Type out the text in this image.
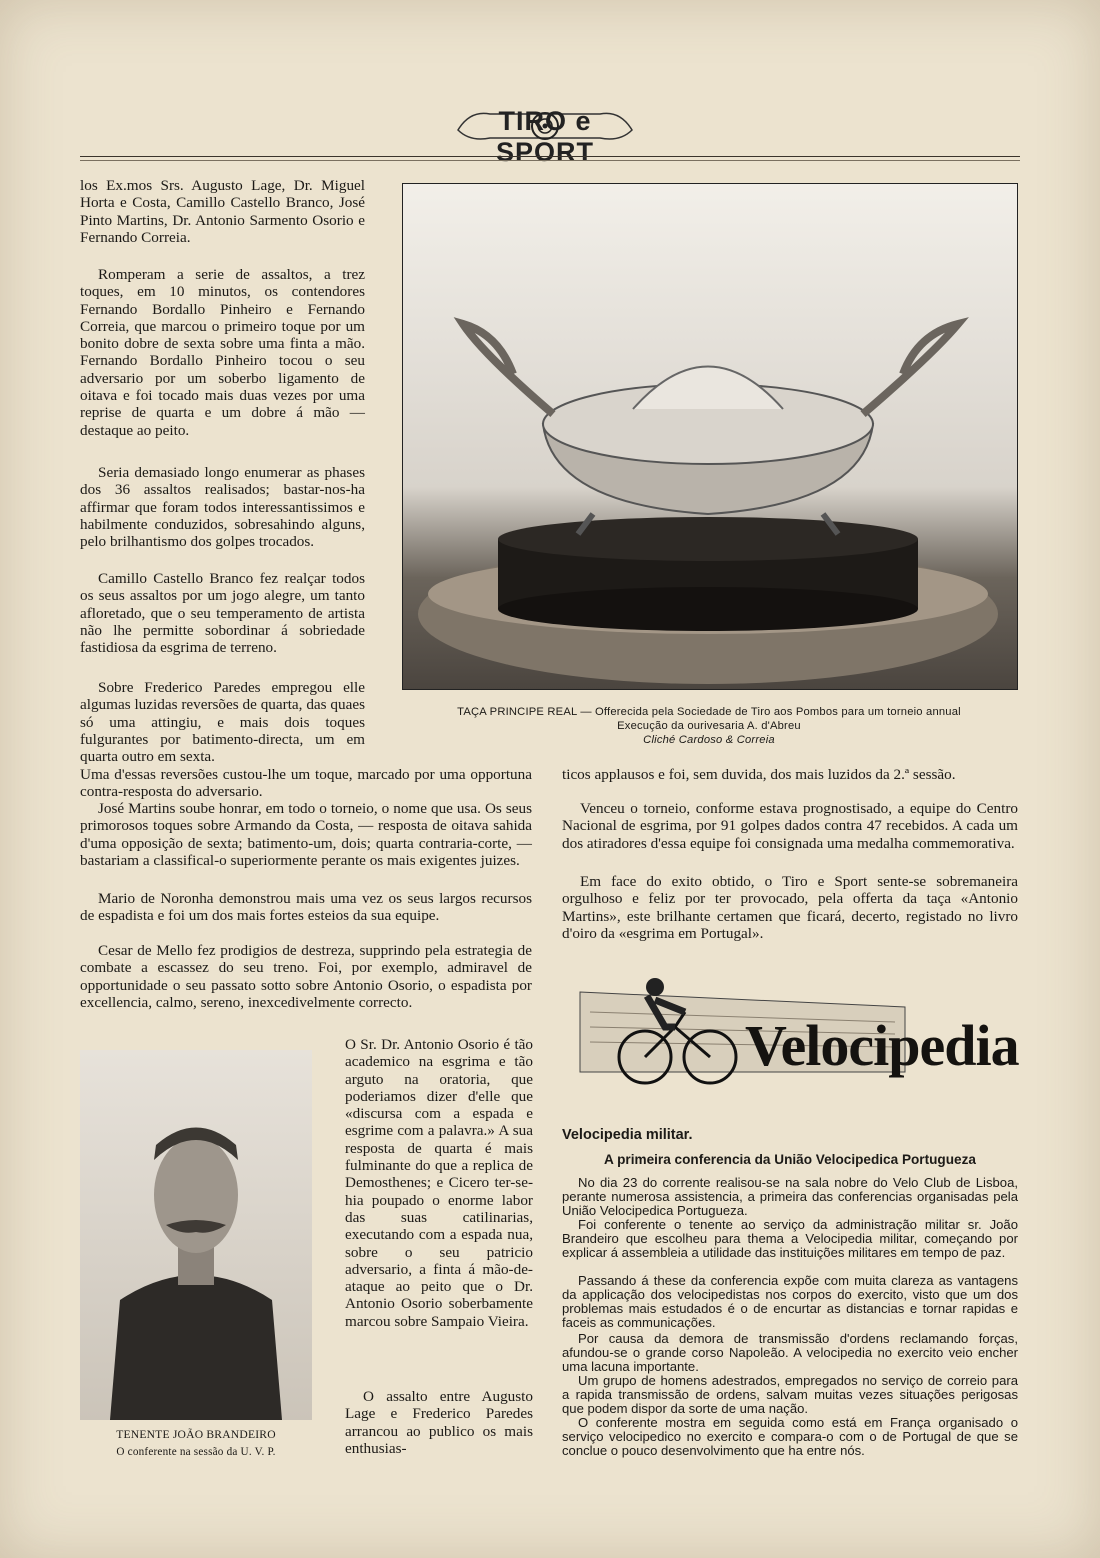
TIRO e SPORT

los Ex.mos Srs. Augusto Lage, Dr. Miguel Horta e Costa, Camillo Castello Branco, José Pinto Martins, Dr. Antonio Sarmento Osorio e Fernando Correia.

Romperam a serie de assaltos, a trez toques, em 10 minutos, os contendores Fernando Bordallo Pinheiro e Fernando Correia, que marcou o primeiro toque por um bonito dobre de sexta sobre uma finta a mão. Fernando Bordallo Pinheiro tocou o seu adversario por um soberbo ligamento de oitava e foi tocado mais duas vezes por uma reprise de quarta e um dobre á mão — destaque ao peito.

Seria demasiado longo enumerar as phases dos 36 assaltos realisados; bastar-nos-ha affirmar que foram todos interessantissimos e habilmente conduzidos, sobresahindo alguns, pelo brilhantismo dos golpes trocados.

Camillo Castello Branco fez realçar todos os seus assaltos por um jogo alegre, um tanto afloretado, que o seu temperamento de artista não lhe permitte sobordinar á sobriedade fastidiosa da esgrima de terreno.

Sobre Frederico Paredes empregou elle algumas luzidas reversões de quarta, das quaes só uma attingiu, e mais dois toques fulgurantes por batimento-directa, um em quarta outro em sexta.

TAÇA PRINCIPE REAL — Offerecida pela Sociedade de Tiro aos Pombos para um torneio annual
Execução da ourivesaria A. d'Abreu
Cliché Cardoso & Correia

Uma d'essas reversões custou-lhe um toque, marcado por uma opportuna contra-resposta do adversario.

José Martins soube honrar, em todo o torneio, o nome que usa. Os seus primorosos toques sobre Armando da Costa, — resposta de oitava sahida d'uma opposição de sexta; batimento-um, dois; quarta contraria-corte, — bastariam a classifical-o superiormente perante os mais exigentes juizes.

Mario de Noronha demonstrou mais uma vez os seus largos recursos de espadista e foi um dos mais fortes esteios da sua equipe.

Cesar de Mello fez prodigios de destreza, supprindo pela estrategia de combate a escassez do seu treno. Foi, por exemplo, admiravel de opportunidade o seu passato sotto sobre Antonio Osorio, o espadista por excellencia, calmo, sereno, inexcedivelmente correcto.

TENENTE JOÃO BRANDEIRO
O conferente na sessão da U. V. P.

O Sr. Dr. Antonio Osorio é tão academico na esgrima e tão arguto na oratoria, que poderiamos dizer d'elle que «discursa com a espada e esgrime com a palavra.» A sua resposta de quarta é mais fulminante do que a replica de Demosthenes; e Cicero ter-se-hia poupado o enorme labor das suas catilinarias, executando com a espada nua, sobre o seu patricio adversario, a finta á mão-de-ataque ao peito que o Dr. Antonio Osorio soberbamente marcou sobre Sampaio Vieira.

O assalto entre Augusto Lage e Frederico Paredes arrancou ao publico os mais enthusias-

ticos applausos e foi, sem duvida, dos mais luzidos da 2.ª sessão.

Venceu o torneio, conforme estava prognostisado, a equipe do Centro Nacional de esgrima, por 91 golpes dados contra 47 recebidos. A cada um dos atiradores d'essa equipe foi consignada uma medalha commemorativa.

Em face do exito obtido, o Tiro e Sport sente-se sobremaneira orgulhoso e feliz por ter provocado, pela offerta da taça «Antonio Martins», este brilhante certamen que ficará, decerto, registado no livro d'oiro da «esgrima em Portugal».

Velocipedia
Velocipedia militar.
A primeira conferencia da União Velocipedica Portugueza

No dia 23 do corrente realisou-se na sala nobre do Velo Club de Lisboa, perante numerosa assistencia, a primeira das conferencias organisadas pela União Velocipedica Portugueza.

Foi conferente o tenente ao serviço da administração militar sr. João Brandeiro que escolheu para thema a Velocipedia militar, começando por explicar á assembleia a utilidade das instituições militares em tempo de paz.

Passando á these da conferencia expõe com muita clareza as vantagens da applicação dos velocipedistas nos corpos do exercito, visto que um dos problemas mais estudados é o de encurtar as distancias e tornar rapidas e faceis as communicações.

Por causa da demora de transmissão d'ordens reclamando forças, afundou-se o grande corso Napoleão. A velocipedia no exercito veio encher uma lacuna importante.

Um grupo de homens adestrados, empregados no serviço de correio para a rapida transmissão de ordens, salvam muitas vezes situações perigosas que podem dispor da sorte de uma nação.

O conferente mostra em seguida como está em França organisado o serviço velocipedico no exercito e compara-o com o de Portugal de que se conclue o pouco desenvolvimento que ha entre nós.
